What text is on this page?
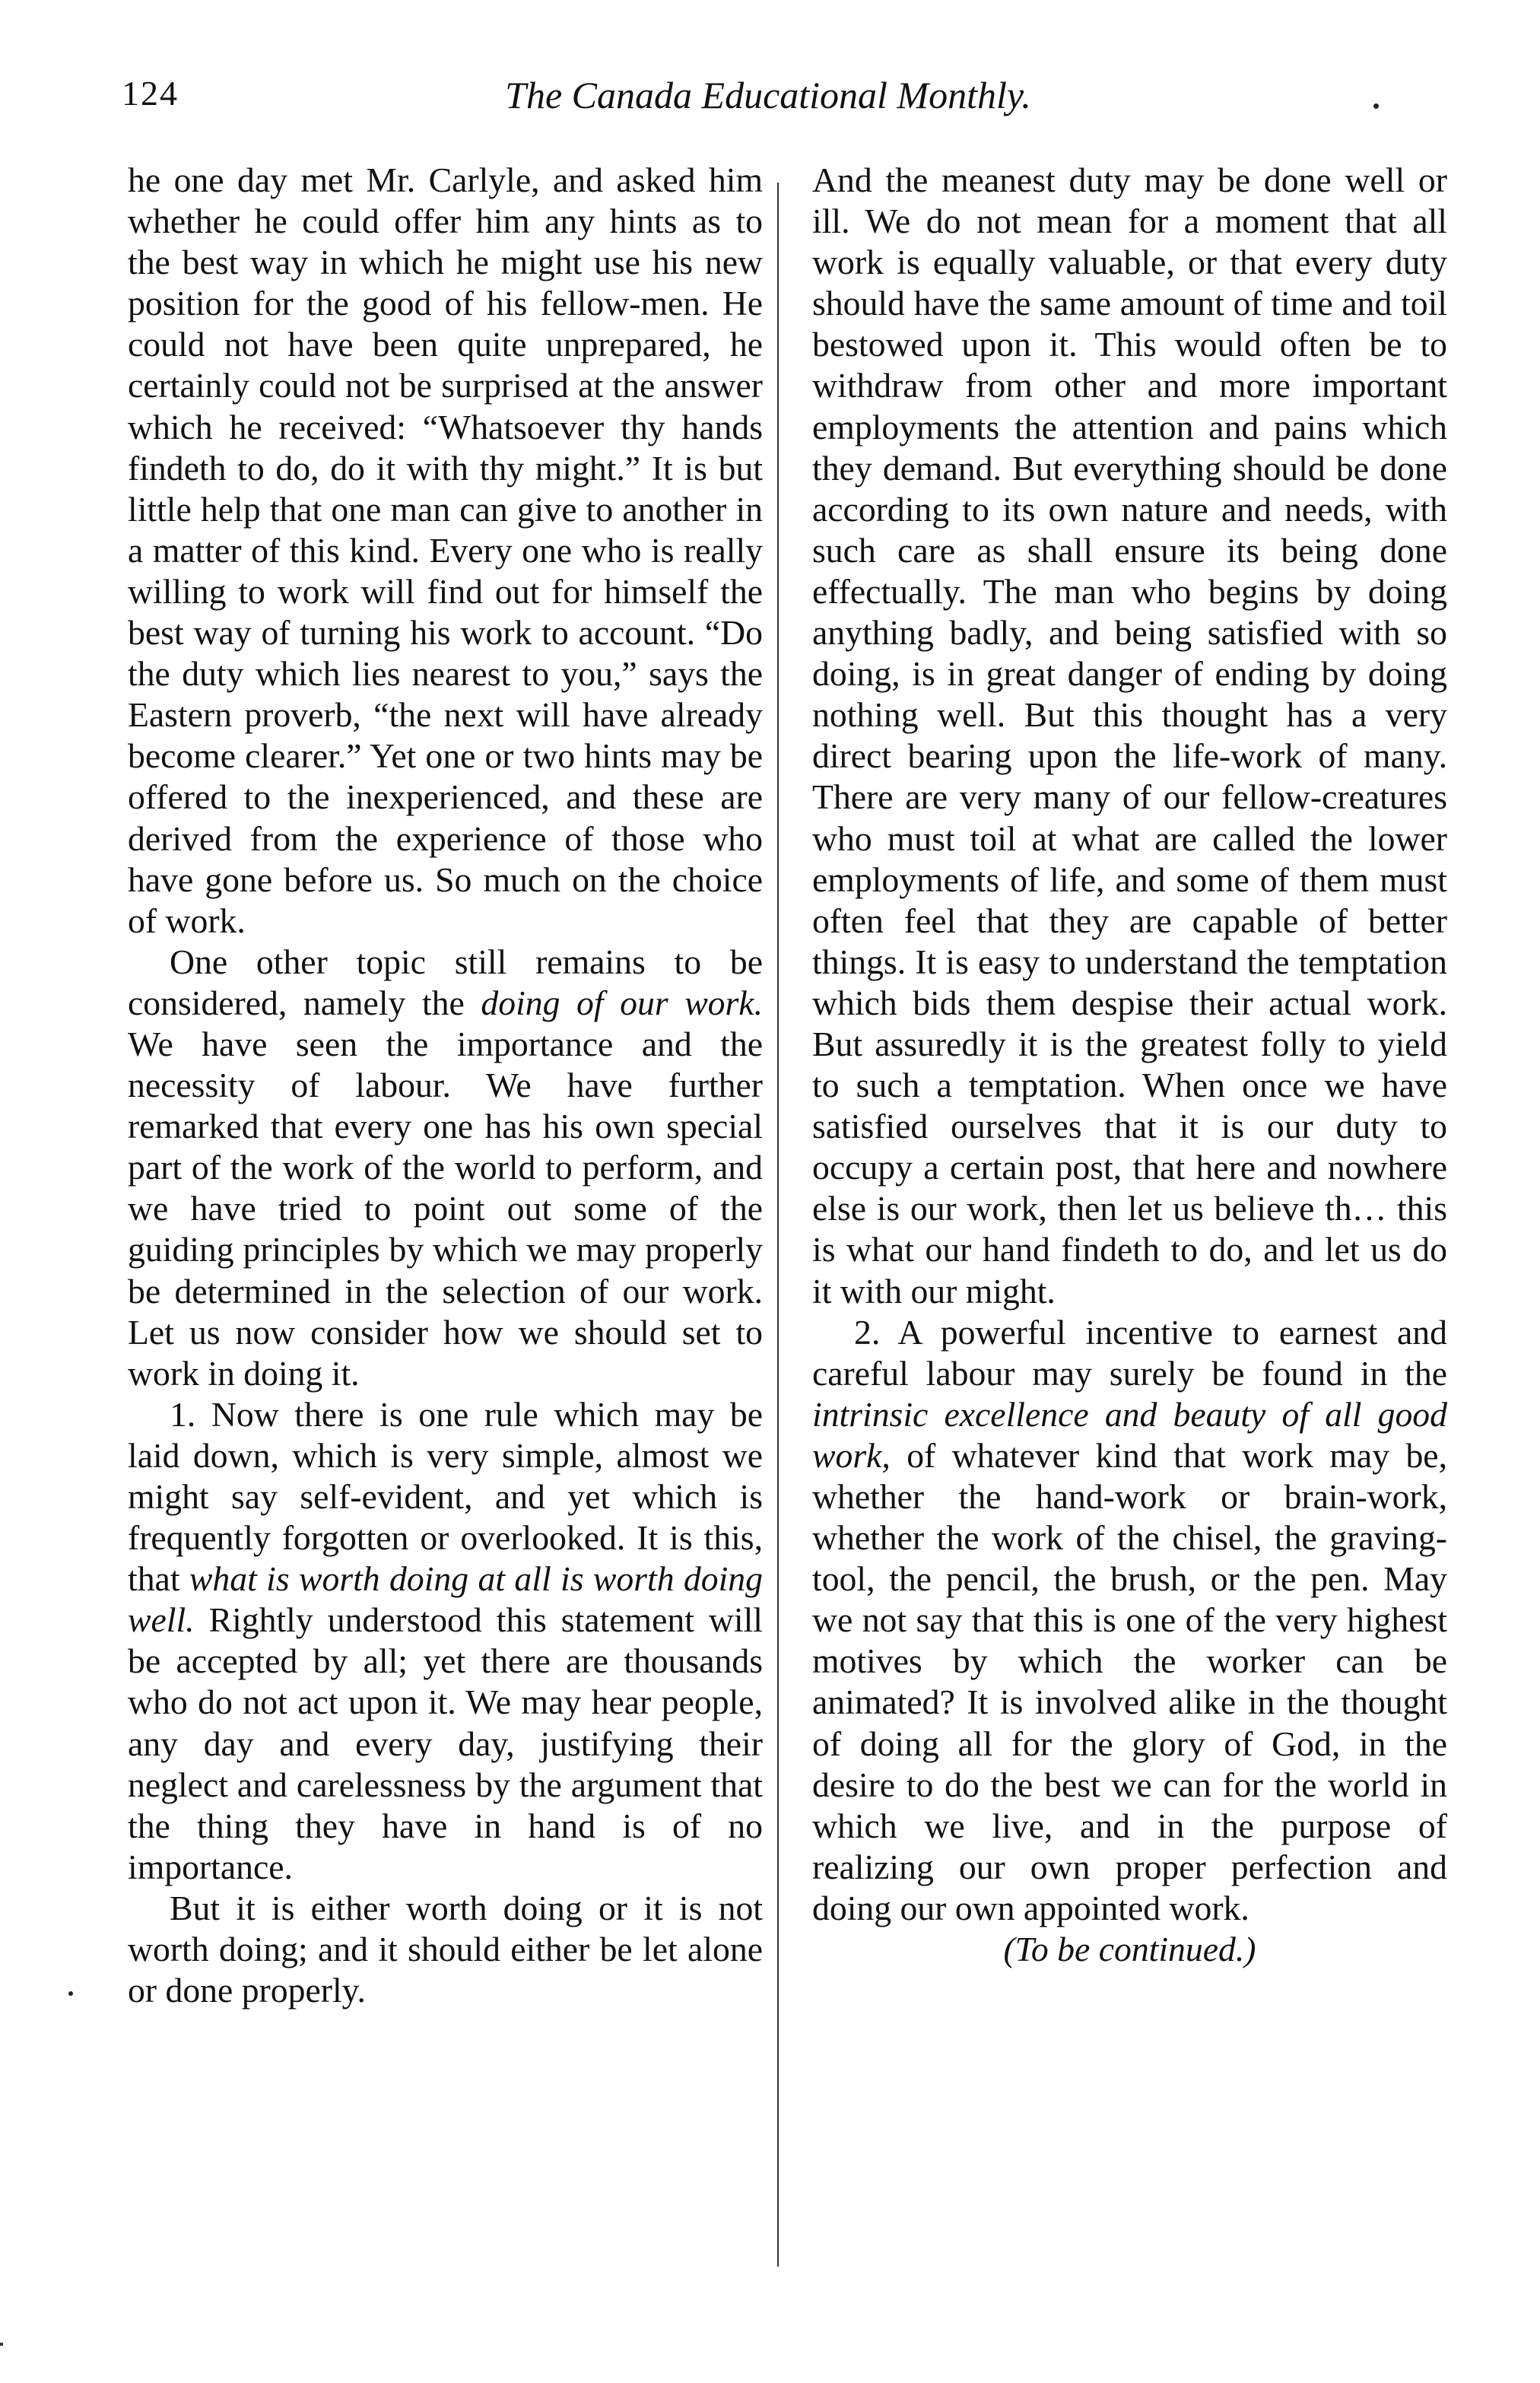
124	The Canada Educational Monthly.

he one day met Mr. Carlyle, and asked him whether he could offer him any hints as to the best way in which he might use his new position for the good of his fellow-men. He could not have been quite unprepared, he certainly could not be surprised at the answer which he received: “Whatsoever thy hands findeth to do, do it with thy might.” It is but little help that one man can give to another in a matter of this kind. Every one who is really willing to work will find out for himself the best way of turning his work to account. “Do the duty which lies nearest to you,” says the Eastern proverb, “the next will have already become clearer.” Yet one or two hints may be offered to the inexperienced, and these are derived from the experience of those who have gone before us. So much on the choice of work.

One other topic still remains to be considered, namely the doing of our work. We have seen the importance and the necessity of labour. We have further remarked that every one has his own special part of the work of the world to perform, and we have tried to point out some of the guiding principles by which we may properly be determined in the selection of our work. Let us now consider how we should set to work in doing it.

1. Now there is one rule which may be laid down, which is very simple, almost we might say self-evident, and yet which is frequently forgotten or overlooked. It is this, that what is worth doing at all is worth doing well. Rightly understood this statement will be accepted by all; yet there are thousands who do not act upon it. We may hear people, any day and every day, justifying their neglect and carelessness by the argument that the thing they have in hand is of no importance.

But it is either worth doing or it is not worth doing; and it should either be let alone or done properly.

And the meanest duty may be done well or ill. We do not mean for a moment that all work is equally valuable, or that every duty should have the same amount of time and toil bestowed upon it. This would often be to withdraw from other and more important employments the attention and pains which they demand. But everything should be done according to its own nature and needs, with such care as shall ensure its being done effectually. The man who begins by doing anything badly, and being satisfied with so doing, is in great danger of ending by doing nothing well. But this thought has a very direct bearing upon the life-work of many. There are very many of our fellow-creatures who must toil at what are called the lower employments of life, and some of them must often feel that they are capable of better things. It is easy to understand the temptation which bids them despise their actual work. But assuredly it is the greatest folly to yield to such a temptation. When once we have satisfied ourselves that it is our duty to occupy a certain post, that here and nowhere else is our work, then let us believe th… this is what our hand findeth to do, and let us do it with our might.

2. A powerful incentive to earnest and careful labour may surely be found in the intrinsic excellence and beauty of all good work, of whatever kind that work may be, whether the hand-work or brain-work, whether the work of the chisel, the graving-tool, the pencil, the brush, or the pen. May we not say that this is one of the very highest motives by which the worker can be animated? It is involved alike in the thought of doing all for the glory of God, in the desire to do the best we can for the world in which we live, and in the purpose of realizing our own proper perfection and doing our own appointed work.

(To be continued.)
